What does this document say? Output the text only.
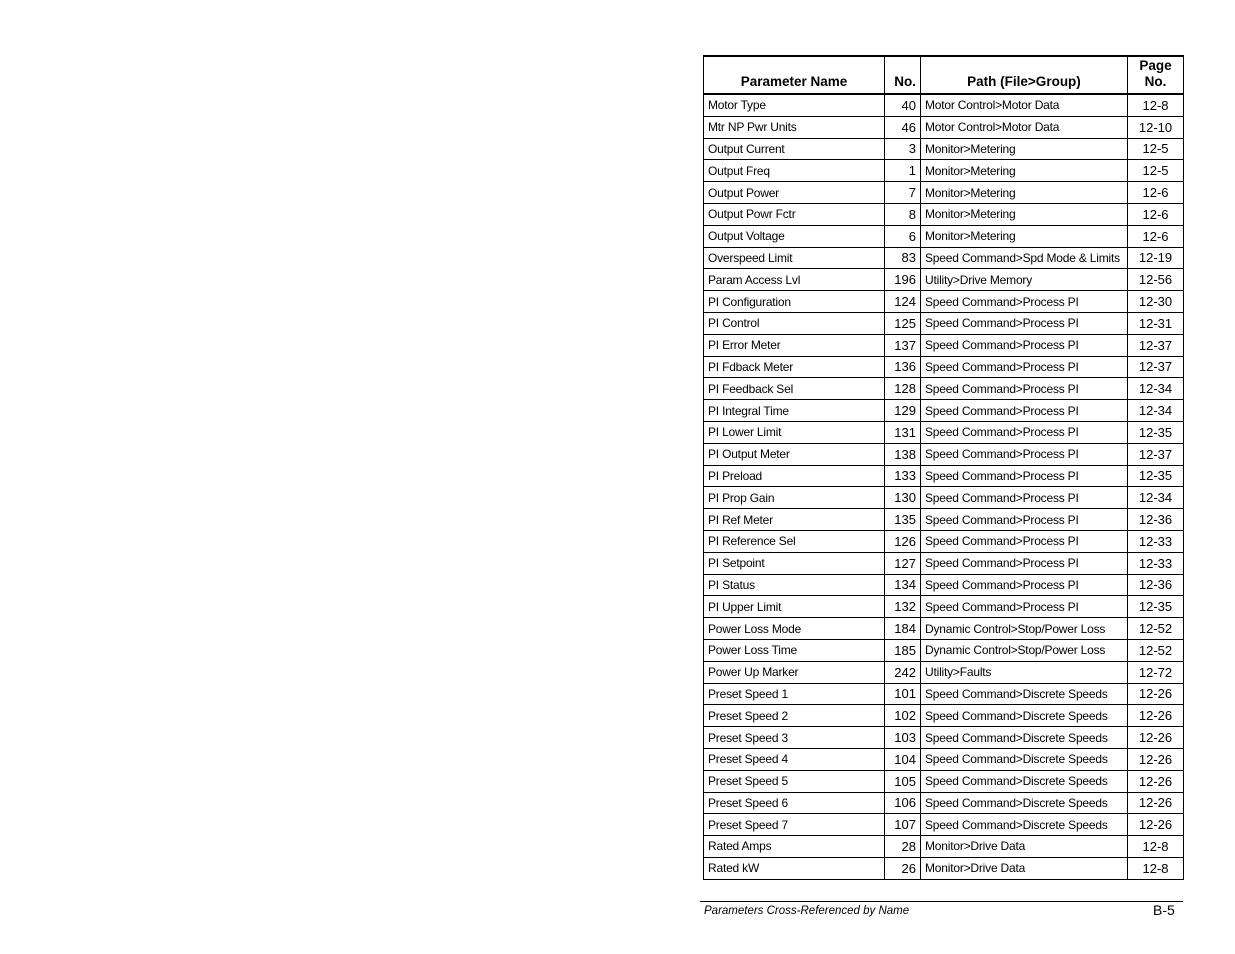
Parameter Name	No.	Path (File>Group)	Page
No.
Motor Type	40	Motor Control>Motor Data	12-8
Mtr NP Pwr Units	46	Motor Control>Motor Data	12-10
Output Current	3	Monitor>Metering	12-5
Output Freq	1	Monitor>Metering	12-5
Output Power	7	Monitor>Metering	12-6
Output Powr Fctr	8	Monitor>Metering	12-6
Output Voltage	6	Monitor>Metering	12-6
Overspeed Limit	83	Speed Command>Spd Mode & Limits	12-19
Param Access Lvl	196	Utility>Drive Memory	12-56
PI Configuration	124	Speed Command>Process PI	12-30
PI Control	125	Speed Command>Process PI	12-31
PI Error Meter	137	Speed Command>Process PI	12-37
PI Fdback Meter	136	Speed Command>Process PI	12-37
PI Feedback Sel	128	Speed Command>Process PI	12-34
PI Integral Time	129	Speed Command>Process PI	12-34
PI Lower Limit	131	Speed Command>Process PI	12-35
PI Output Meter	138	Speed Command>Process PI	12-37
PI Preload	133	Speed Command>Process PI	12-35
PI Prop Gain	130	Speed Command>Process PI	12-34
PI Ref Meter	135	Speed Command>Process PI	12-36
PI Reference Sel	126	Speed Command>Process PI	12-33
PI Setpoint	127	Speed Command>Process PI	12-33
PI Status	134	Speed Command>Process PI	12-36
PI Upper Limit	132	Speed Command>Process PI	12-35
Power Loss Mode	184	Dynamic Control>Stop/Power Loss	12-52
Power Loss Time	185	Dynamic Control>Stop/Power Loss	12-52
Power Up Marker	242	Utility>Faults	12-72
Preset Speed 1	101	Speed Command>Discrete Speeds	12-26
Preset Speed 2	102	Speed Command>Discrete Speeds	12-26
Preset Speed 3	103	Speed Command>Discrete Speeds	12-26
Preset Speed 4	104	Speed Command>Discrete Speeds	12-26
Preset Speed 5	105	Speed Command>Discrete Speeds	12-26
Preset Speed 6	106	Speed Command>Discrete Speeds	12-26
Preset Speed 7	107	Speed Command>Discrete Speeds	12-26
Rated Amps	28	Monitor>Drive Data	12-8
Rated kW	26	Monitor>Drive Data	12-8
Parameters Cross-Referenced by Name	B-5
